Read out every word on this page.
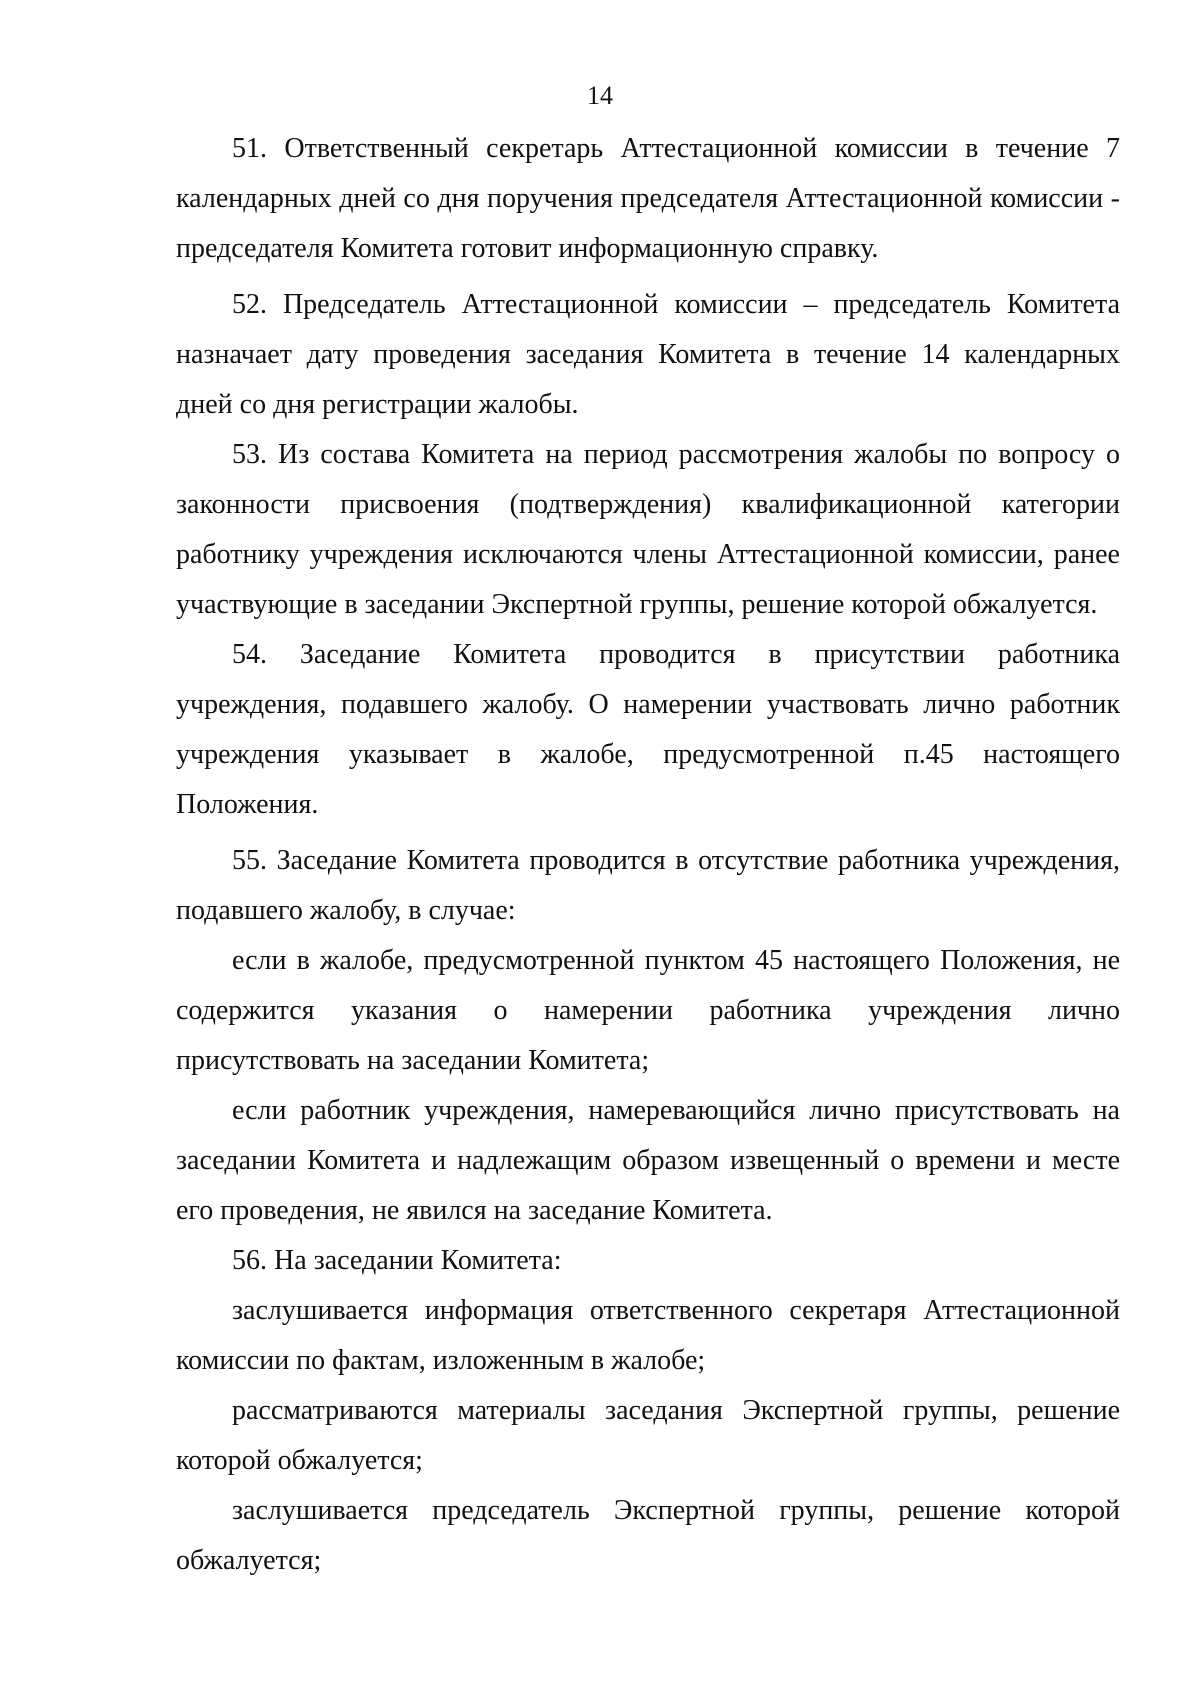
14

51. Ответственный секретарь Аттестационной комиссии в течение 7 календарных дней со дня поручения председателя Аттестационной комиссии - председателя Комитета готовит информационную справку.

52. Председатель Аттестационной комиссии – председатель Комитета назначает дату проведения заседания Комитета в течение 14 календарных дней со дня регистрации жалобы.

53. Из состава Комитета на период рассмотрения жалобы по вопросу о законности присвоения (подтверждения) квалификационной категории работнику учреждения исключаются члены Аттестационной комиссии, ранее участвующие в заседании Экспертной группы, решение которой обжалуется.

54. Заседание Комитета проводится в присутствии работника учреждения, подавшего жалобу. О намерении участвовать лично работник учреждения указывает в жалобе, предусмотренной п.45 настоящего Положения.

55. Заседание Комитета проводится в отсутствие работника учреждения, подавшего жалобу, в случае:

если в жалобе, предусмотренной пунктом 45 настоящего Положения, не содержится указания о намерении работника учреждения лично присутствовать на заседании Комитета;

если работник учреждения, намеревающийся лично присутствовать на заседании Комитета и надлежащим образом извещенный о времени и месте его проведения, не явился на заседание Комитета.

56. На заседании Комитета:

заслушивается информация ответственного секретаря Аттестационной комиссии по фактам, изложенным в жалобе;

рассматриваются материалы заседания Экспертной группы, решение которой обжалуется;

заслушивается председатель Экспертной группы, решение которой обжалуется;
